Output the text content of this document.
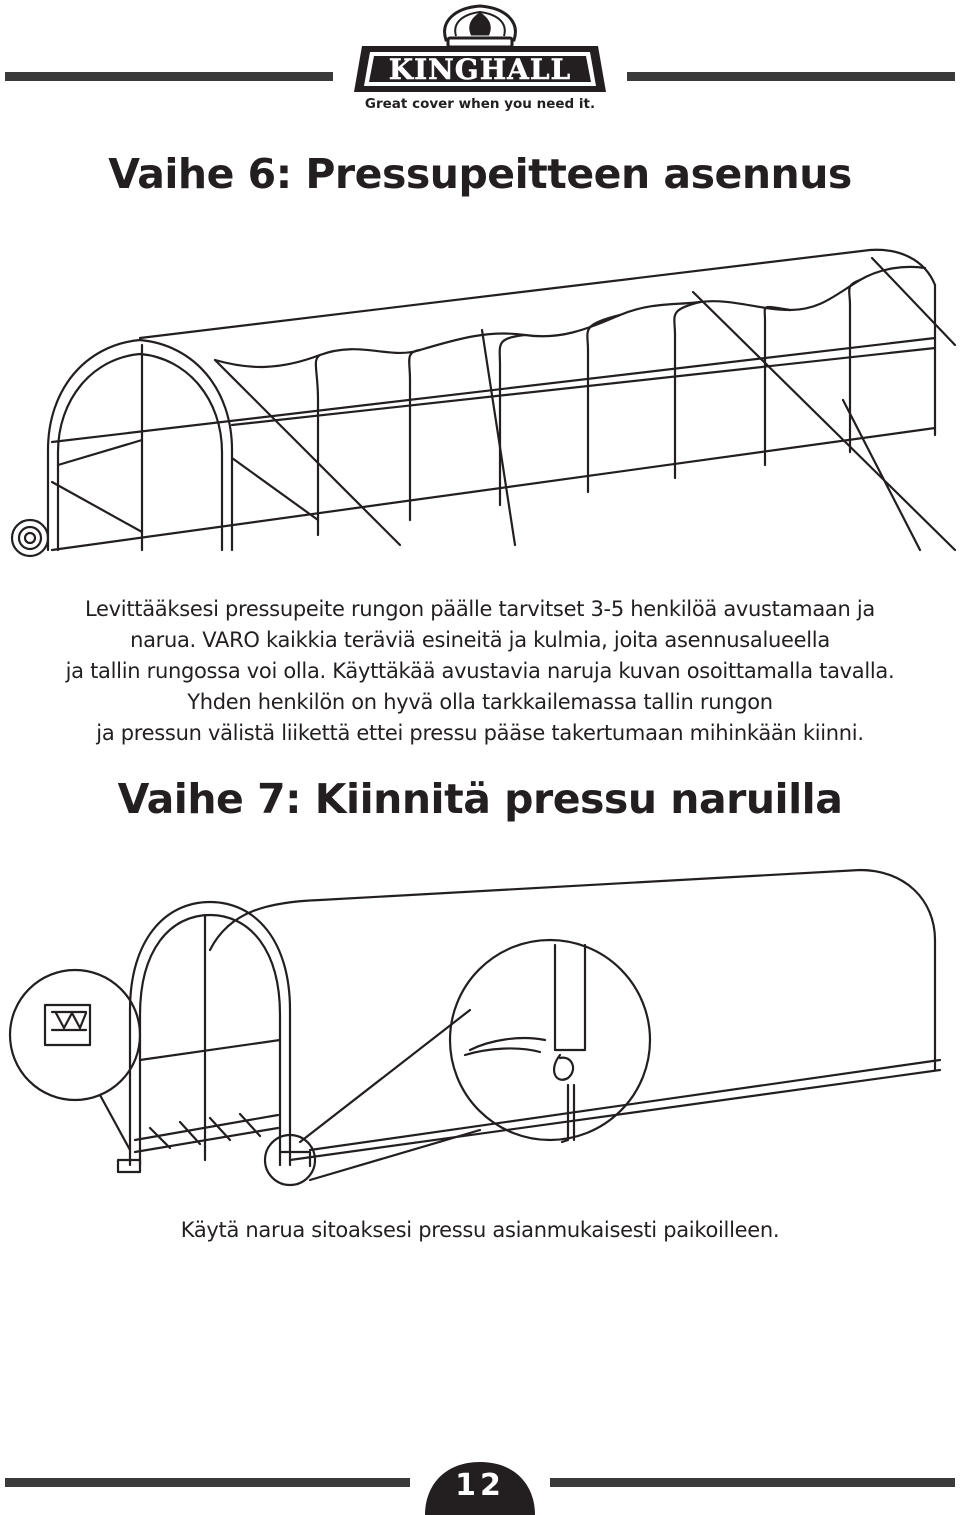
KINGHALL
Great cover when you need it.
Vaihe 6: Pressupeitteen asennus
Levittääksesi pressupeite rungon päälle tarvitset 3-5 henkilöä avustamaan ja
narua. VARO kaikkia teräviä esineitä ja kulmia, joita asennusalueella
ja tallin rungossa voi olla. Käyttäkää avustavia naruja kuvan osoittamalla tavalla.
Yhden henkilön on hyvä olla tarkkailemassa tallin rungon
ja pressun välistä liikettä ettei pressu pääse takertumaan mihinkään kiinni.
Vaihe 7: Kiinnitä pressu naruilla

Käytä narua sitoaksesi pressu asianmukaisesti paikoilleen.

12
